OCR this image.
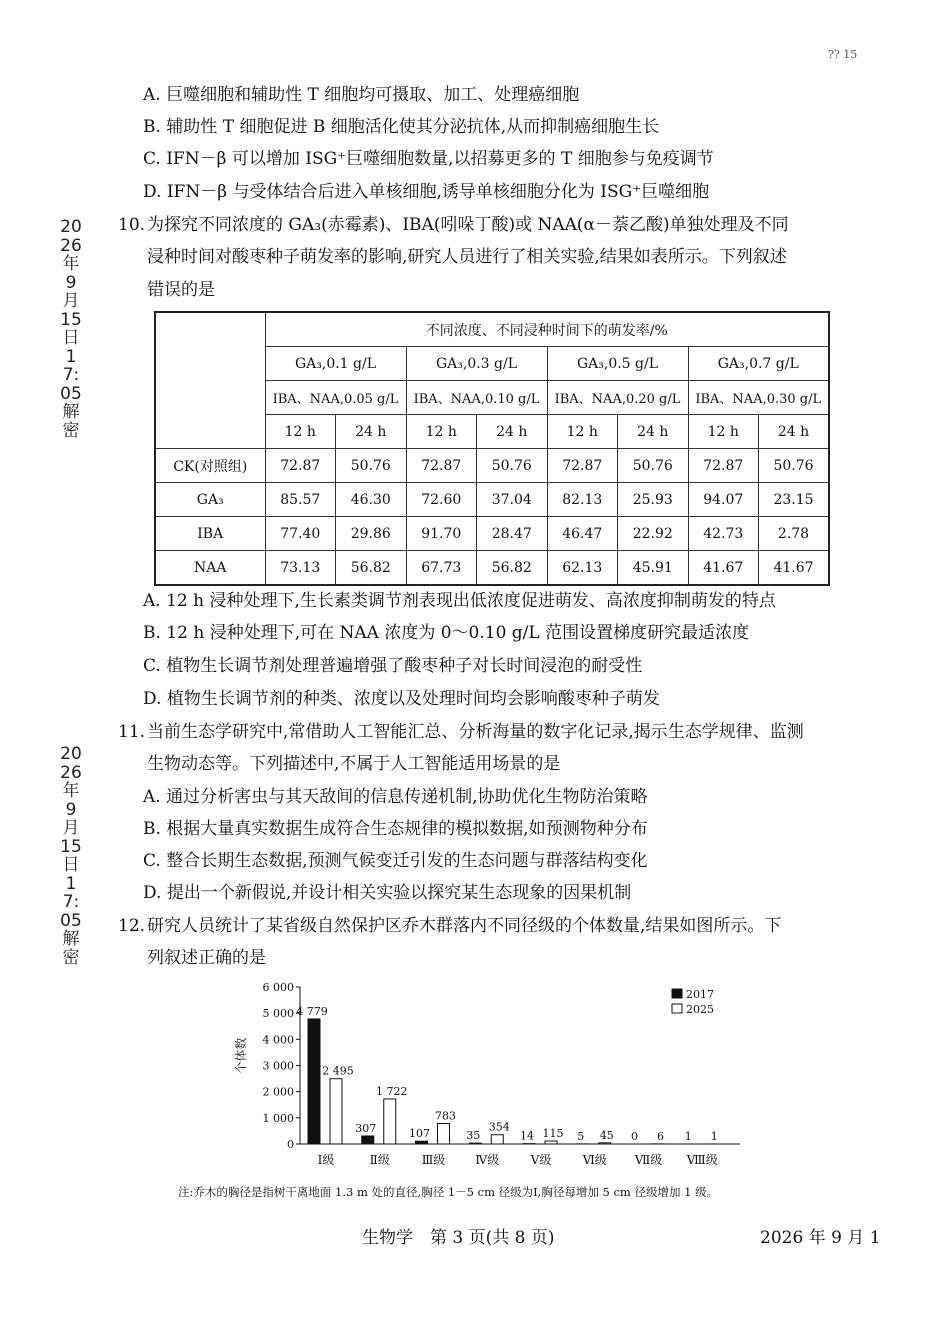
?? 15
2026年9月15日17:05解密
2026年9月15日17:05解密
A. 巨噬细胞和辅助性 T 细胞均可摄取、加工、处理癌细胞
B. 辅助性 T 细胞促进 B 细胞活化使其分泌抗体,从而抑制癌细胞生长
C. IFN－β 可以增加 ISG⁺巨噬细胞数量,以招募更多的 T 细胞参与免疫调节
D. IFN－β 与受体结合后进入单核细胞,诱导单核细胞分化为 ISG⁺巨噬细胞
10. 为探究不同浓度的 GA₃(赤霉素)、IBA(吲哚丁酸)或 NAA(α－萘乙酸)单独处理及不同
浸种时间对酸枣种子萌发率的影响,研究人员进行了相关实验,结果如表所示。下列叙述
错误的是
	不同浓度、不同浸种时间下的萌发率/%							
	GA₃,0.1 g/L		GA₃,0.3 g/L		GA₃,0.5 g/L		GA₃,0.7 g/L	
	IBA、NAA,0.05 g/L		IBA、NAA,0.10 g/L		IBA、NAA,0.20 g/L		IBA、NAA,0.30 g/L	
	12 h	24 h	12 h	24 h	12 h	24 h	12 h	24 h
CK(对照组)	72.87	50.76	72.87	50.76	72.87	50.76	72.87	50.76
GA₃	85.57	46.30	72.60	37.04	82.13	25.93	94.07	23.15
IBA	77.40	29.86	91.70	28.47	46.47	22.92	42.73	2.78
NAA	73.13	56.82	67.73	56.82	62.13	45.91	41.67	41.67
A. 12 h 浸种处理下,生长素类调节剂表现出低浓度促进萌发、高浓度抑制萌发的特点
B. 12 h 浸种处理下,可在 NAA 浓度为 0～0.10 g/L 范围设置梯度研究最适浓度
C. 植物生长调节剂处理普遍增强了酸枣种子对长时间浸泡的耐受性
D. 植物生长调节剂的种类、浓度以及处理时间均会影响酸枣种子萌发
11. 当前生态学研究中,常借助人工智能汇总、分析海量的数字化记录,揭示生态学规律、监测
生物动态等。下列描述中,不属于人工智能适用场景的是
A. 通过分析害虫与其天敌间的信息传递机制,协助优化生物防治策略
B. 根据大量真实数据生成符合生态规律的模拟数据,如预测物种分布
C. 整合长期生态数据,预测气候变迁引发的生态问题与群落结构变化
D. 提出一个新假说,并设计相关实验以探究某生态现象的因果机制
12. 研究人员统计了某省级自然保护区乔木群落内不同径级的个体数量,结果如图所示。下
列叙述正确的是
0
1 000
2 000
3 000
4 000
5 000
6 000
个体数
4 779
2 495
Ⅰ级
307
1 722
Ⅱ级
107
783
Ⅲ级
35
354
Ⅳ级
14 115
Ⅴ级
5 45
Ⅵ级
0 6
Ⅶ级
1 1
Ⅷ级
2017
2025
注:乔木的胸径是指树干离地面 1.3 m 处的直径,胸径 1－5 cm 径级为Ⅰ,胸径每增加 5 cm 径级增加 1 级。
生物学　第 3 页(共 8 页)	2026 年 9 月 1
